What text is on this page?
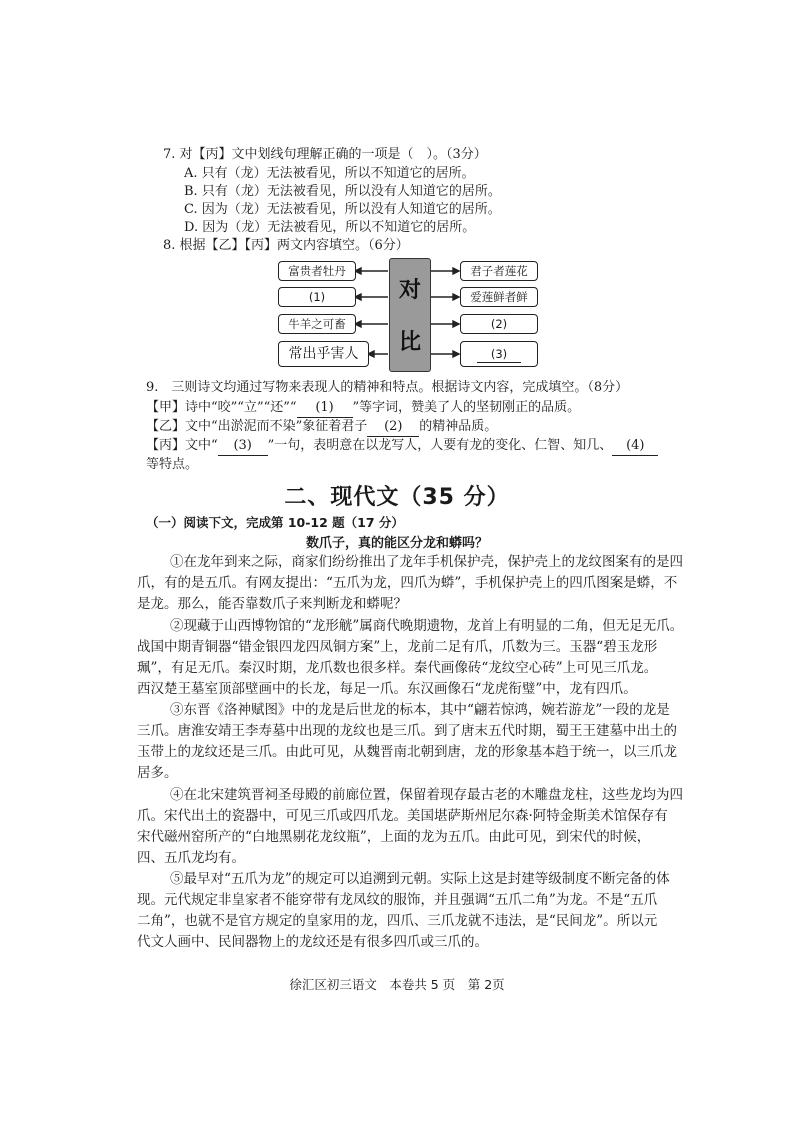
7. 对【丙】文中划线句理解正确的一项是（　）。（3分）
A. 只有（龙）无法被看见，所以不知道它的居所。
B. 只有（龙）无法被看见，所以没有人知道它的居所。
C. 因为（龙）无法被看见，所以没有人知道它的居所。
D. 因为（龙）无法被看见，所以不知道它的居所。
8. 根据【乙】【丙】两文内容填空。（6分）
富贵者牡丹
(1)
牛羊之可畜
常出乎害人
对
比
君子者莲花
爱莲鲜者鲜
(2)
(3)
9.　三则诗文均通过写物来表现人的精神和特点。根据诗文内容，完成填空。（8分）
【甲】诗中“咬”“立”“还”“ (1) ”等字词，赞美了人的坚韧刚正的品质。
【乙】文中“出淤泥而不染”象征着君子 (2) 的精神品质。
【丙】文中“ (3) ”一句，表明意在以龙写人，人要有龙的变化、仁智、知几、 (4)
等特点。
二、现代文（35 分）
（一）阅读下文，完成第 10-12 题（17 分）
数爪子，真的能区分龙和蟒吗？
①在龙年到来之际，商家们纷纷推出了龙年手机保护壳，保护壳上的龙纹图案有的是四
爪，有的是五爪。有网友提出：“五爪为龙，四爪为蟒”，手机保护壳上的四爪图案是蟒，不
是龙。那么，能否靠数爪子来判断龙和蟒呢？
②现藏于山西博物馆的“龙形觥”属商代晚期遗物，龙首上有明显的二角，但无足无爪。
战国中期青铜器“错金银四龙四凤铜方案”上，龙前二足有爪，爪数为三。玉器“碧玉龙形
珮”，有足无爪。秦汉时期，龙爪数也很多样。秦代画像砖“龙纹空心砖”上可见三爪龙。
西汉楚王墓室顶部壁画中的长龙，每足一爪。东汉画像石“龙虎衔璧”中，龙有四爪。
③东晋《洛神赋图》中的龙是后世龙的标本，其中“翩若惊鸿，婉若游龙”一段的龙是
三爪。唐淮安靖王李寿墓中出现的龙纹也是三爪。到了唐末五代时期，蜀王王建墓中出土的
玉带上的龙纹还是三爪。由此可见，从魏晋南北朝到唐，龙的形象基本趋于统一，以三爪龙
居多。
④在北宋建筑晋祠圣母殿的前廊位置，保留着现存最古老的木雕盘龙柱，这些龙均为四
爪。宋代出土的瓷器中，可见三爪或四爪龙。美国堪萨斯州尼尔森·阿特金斯美术馆保存有
宋代磁州窑所产的“白地黑剔花龙纹瓶”，上面的龙为五爪。由此可见，到宋代的时候，
四、五爪龙均有。
⑤最早对“五爪为龙”的规定可以追溯到元朝。实际上这是封建等级制度不断完备的体
现。元代规定非皇家者不能穿带有龙凤纹的服饰，并且强调“五爪二角”为龙。不是“五爪
二角”，也就不是官方规定的皇家用的龙，四爪、三爪龙就不违法，是“民间龙”。所以元
代文人画中、民间器物上的龙纹还是有很多四爪或三爪的。
徐汇区初三语文　本卷共 5 页　第 2页
